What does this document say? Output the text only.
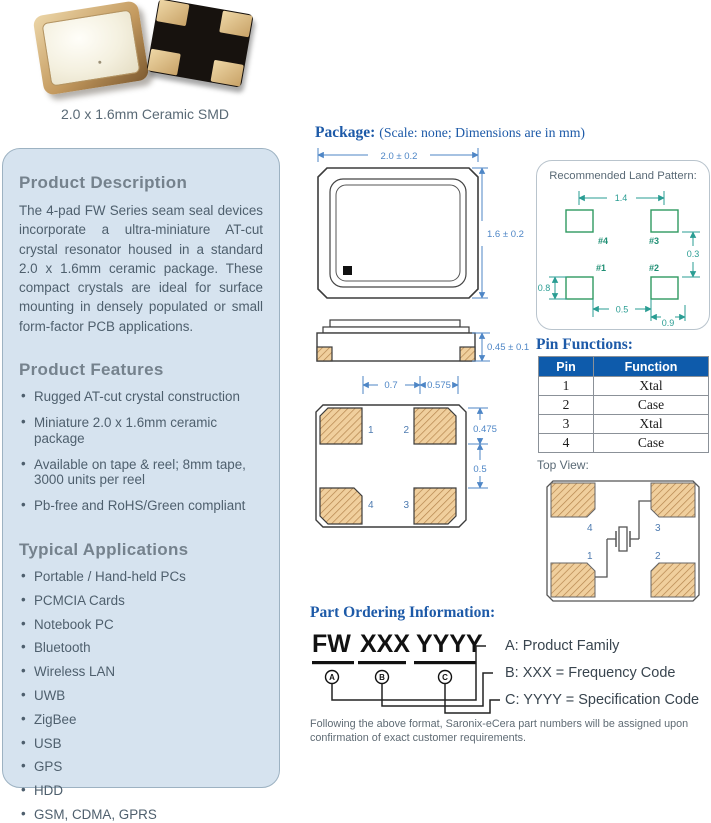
2.0 x 1.6mm Ceramic SMD
Product Description

The 4-pad FW Series seam seal devices incorporate a ultra-miniature AT-cut crystal resonator housed in a standard 2.0 x 1.6mm ceramic package. These compact crystals are ideal for surface mounting in densely populated or small form-factor PCB applications.

Product Features
• Rugged AT-cut crystal construction
• Miniature 2.0 x 1.6mm ceramic package
• Available on tape & reel; 8mm tape, 3000 units per reel
• Pb-free and RoHS/Green compliant
Typical Applications
• Portable / Hand-held PCs
• PCMCIA Cards
• Notebook PC
• Bluetooth
• Wireless LAN
• UWB
• ZigBee
• USB
• GPS
• HDD
• GSM, CDMA, GPRS
Package: (Scale: none; Dimensions are in mm)
2.0 ± 0.2
1.6 ± 0.2
0.45 ± 0.1
0.7	0.575
1	2
4	3
0.475
0.5
Recommended Land Pattern:
#4	#3
#1	#2
1.4
0.3
0.8
0.5
0.9
Pin Functions:
Pin	Function
1	Xtal
2	Case
3	Xtal
4	Case
Top View:
4	3
1	2
Part Ordering Information:
FW XXX YYYY
A	B	C
A: Product Family
B: XXX = Frequency Code
C: YYYY = Specification Code
Following the above format, Saronix-eCera part numbers will be assigned upon
confirmation of exact customer requirements.
